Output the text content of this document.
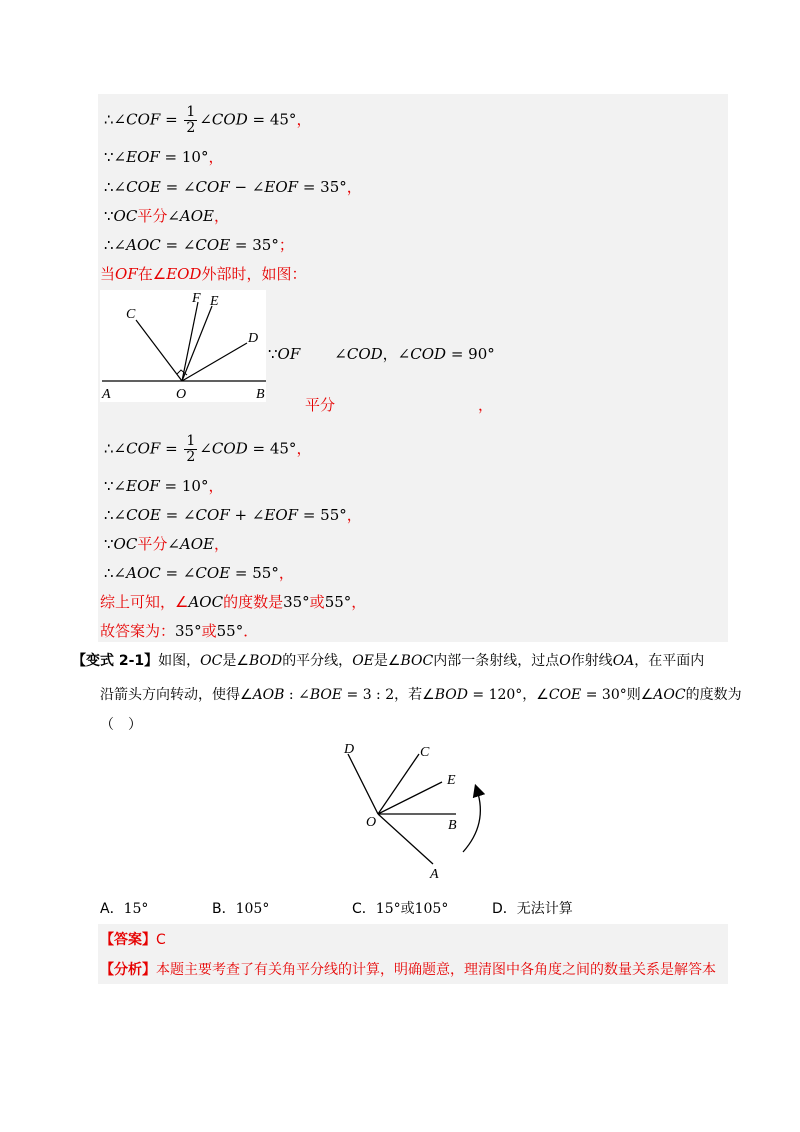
∴∠COF = $\frac{1}{2}$ ∠COD = 45°，
∵∠EOF = 10°，
∴∠COE = ∠COF − ∠EOF = 35°，
∵OC平分∠AOE，
∴∠AOC = ∠COE = 35°；
当OF在∠EOD外部时，如图：
A	O	B
C
F E
D
∵OF ∠COD，∠COD = 90°
平分	，
∴∠COF = $\frac{1}{2}$ ∠COD = 45°，
∵∠EOF = 10°，
∴∠COE = ∠COF + ∠EOF = 55°，
∵OC平分∠AOE，
∴∠AOC = ∠COE = 55°，
综上可知，∠AOC的度数是35°或55°，
故答案为：35°或55°．
【变式 2-1】如图，OC是∠BOD的平分线，OE是∠BOC内部一条射线，过点O作射线OA，在平面内
沿箭头方向转动，使得∠AOB : ∠BOE = 3 : 2，若∠BOD = 120°，∠COE = 30°则∠AOC的度数为
（　）
D	C
E
O	B
A
A．15°	B．105°	C．15°或105°	D．无法计算
【答案】C
【分析】本题主要考查了有关角平分线的计算，明确题意，理清图中各角度之间的数量关系是解答本
